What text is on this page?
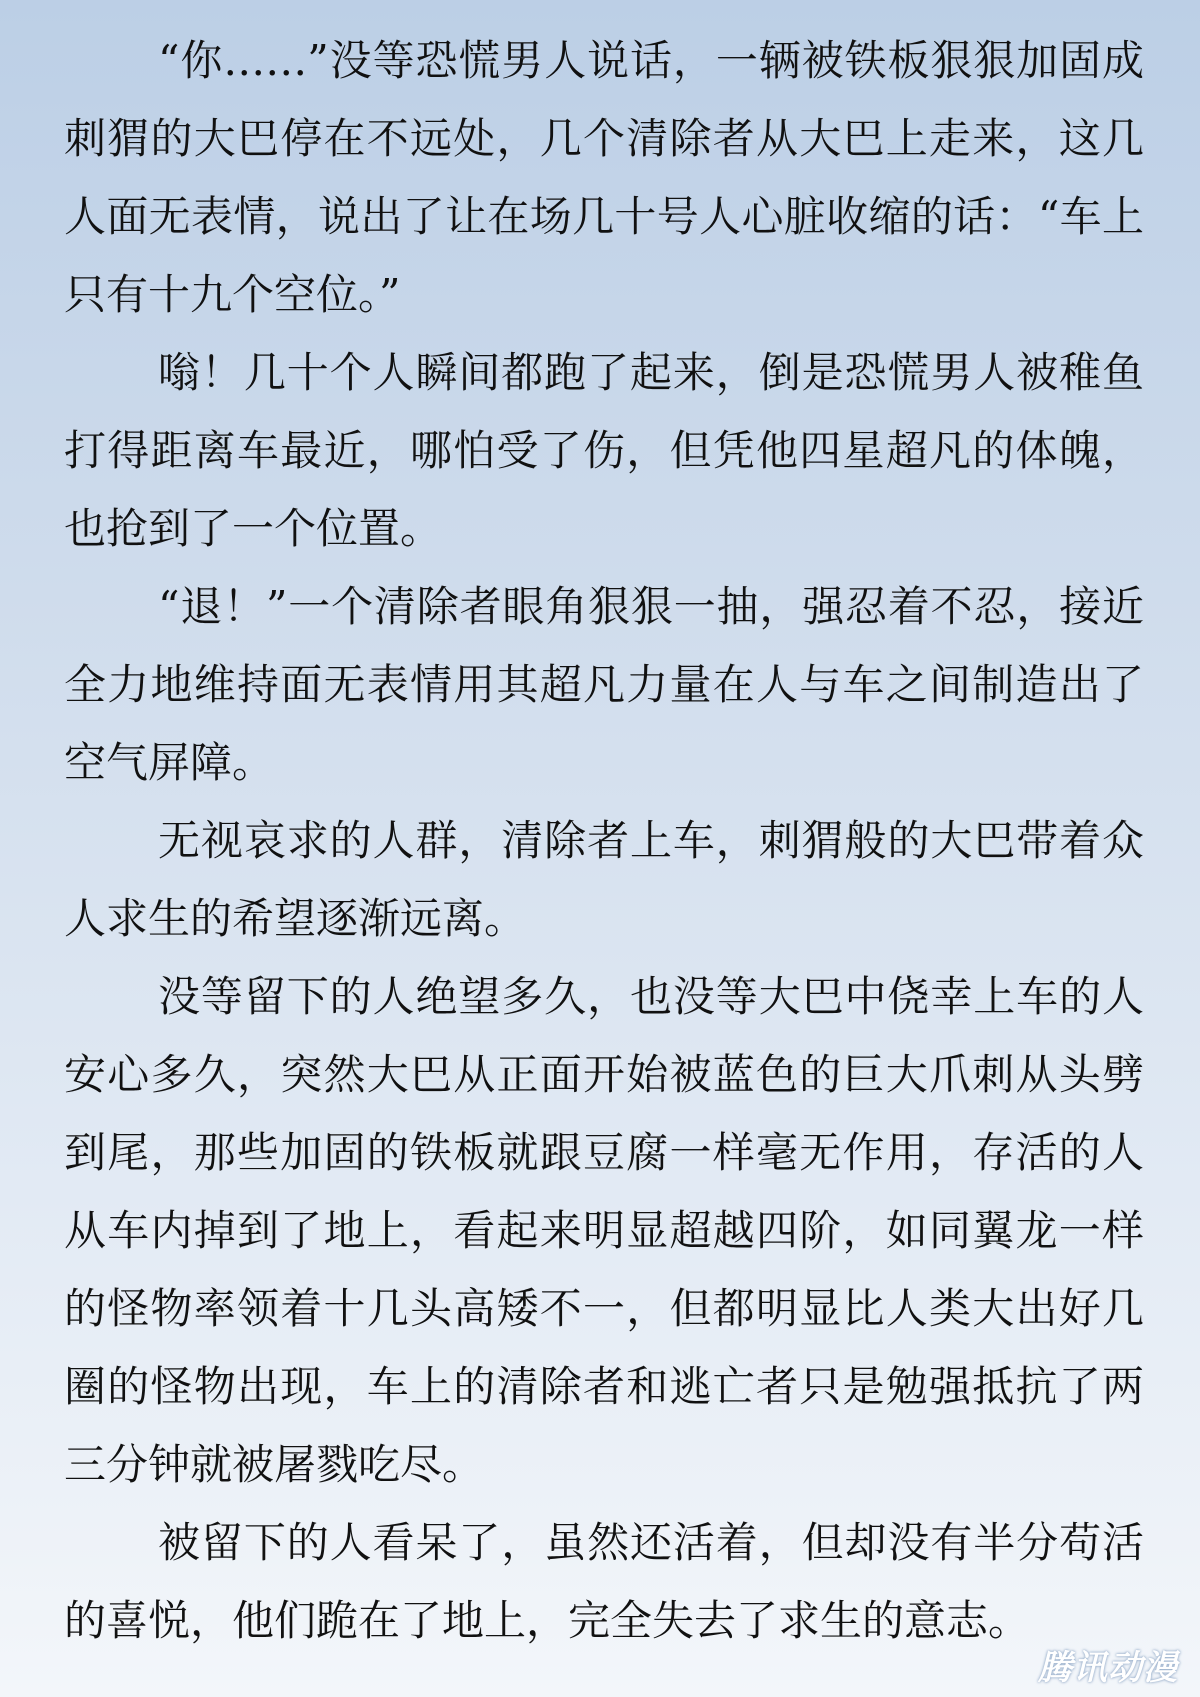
“你……”没等恐慌男人说话，一辆被铁板狠狠加固成刺猬的大巴停在不远处，几个清除者从大巴上走来，这几人面无表情，说出了让在场几十号人心脏收缩的话：“车上只有十九个空位。”

嗡！几十个人瞬间都跑了起来，倒是恐慌男人被稚鱼打得距离车最近，哪怕受了伤，但凭他四星超凡的体魄，也抢到了一个位置。

“退！”一个清除者眼角狠狠一抽，强忍着不忍，接近全力地维持面无表情用其超凡力量在人与车之间制造出了空气屏障。

无视哀求的人群，清除者上车，刺猬般的大巴带着众人求生的希望逐渐远离。

没等留下的人绝望多久，也没等大巴中侥幸上车的人安心多久，突然大巴从正面开始被蓝色的巨大爪刺从头劈到尾，那些加固的铁板就跟豆腐一样毫无作用，存活的人从车内掉到了地上，看起来明显超越四阶，如同翼龙一样的怪物率领着十几头高矮不一，但都明显比人类大出好几圈的怪物出现，车上的清除者和逃亡者只是勉强抵抗了两三分钟就被屠戮吃尽。

被留下的人看呆了，虽然还活着，但却没有半分苟活的喜悦，他们跪在了地上，完全失去了求生的意志。

腾讯动漫
